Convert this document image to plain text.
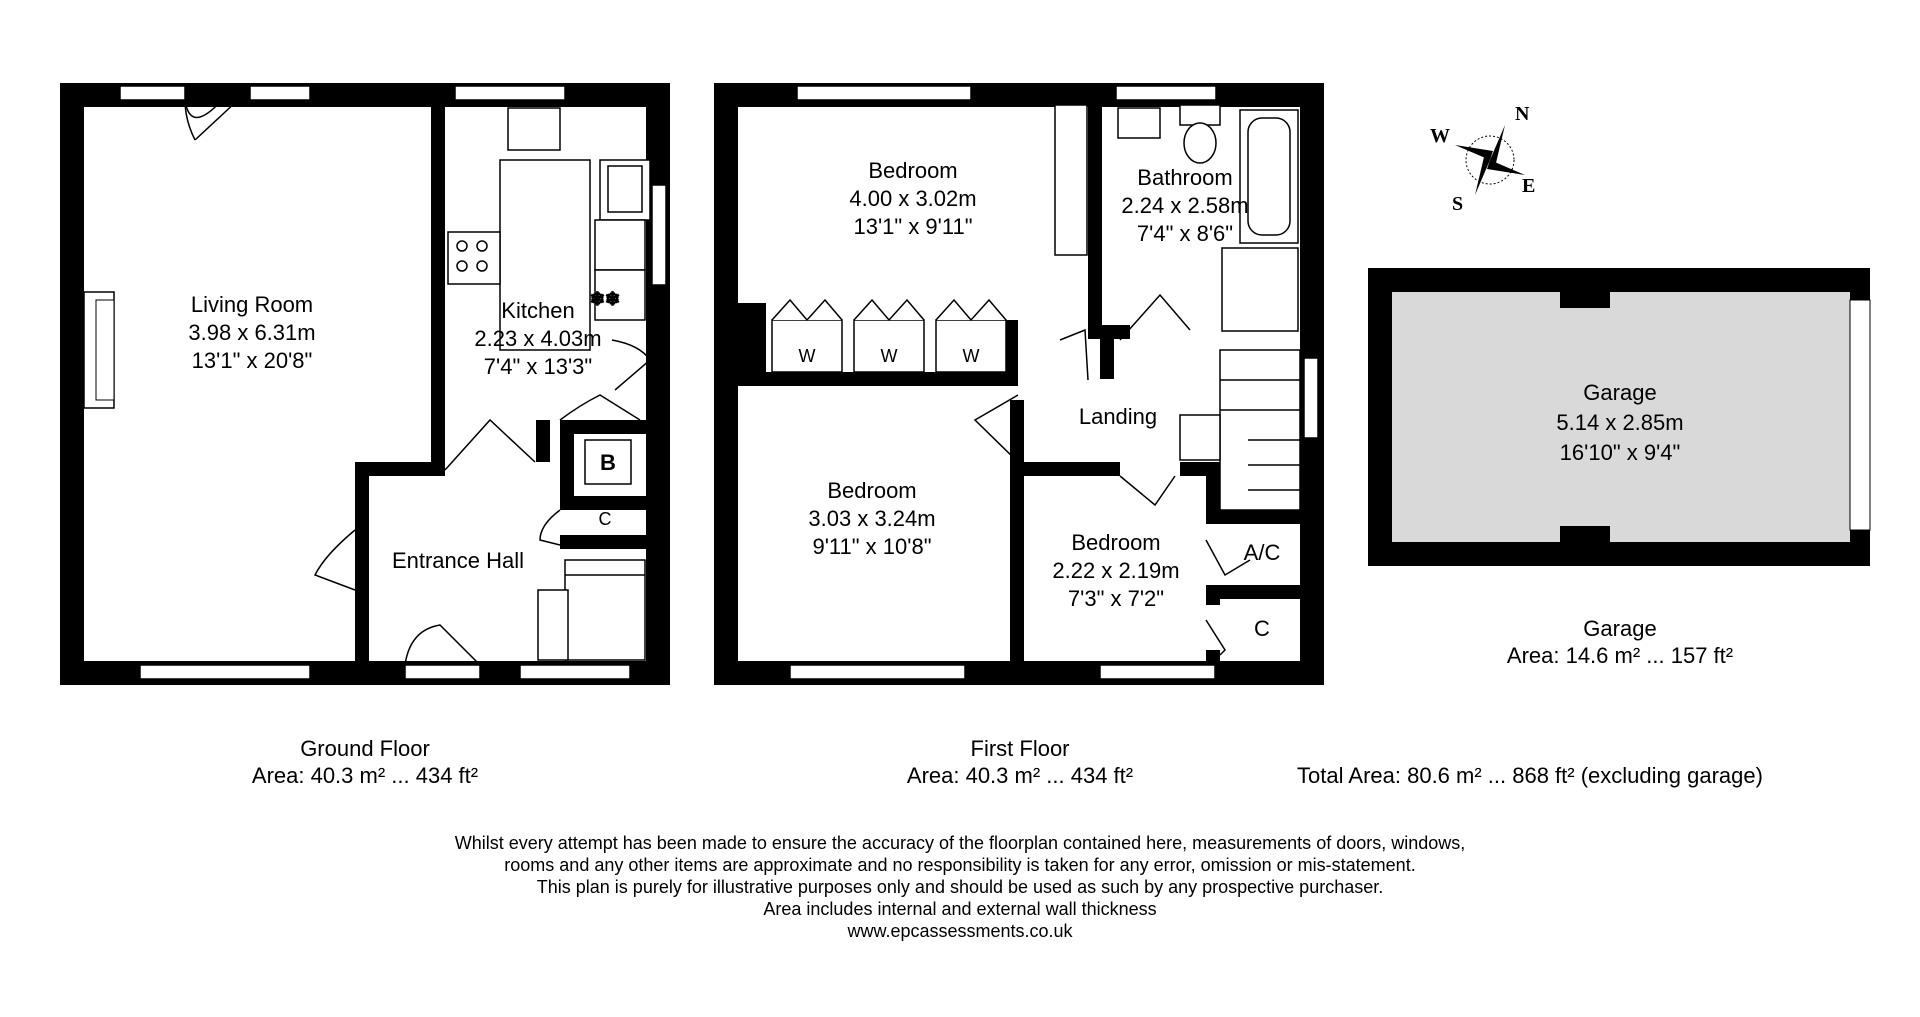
❄❄
Living Room
3.98 x 6.31m
13'1" x 20'8"
Kitchen
2.23 x 4.03m
7'4" x 13'3"
Entrance Hall
B
C
Bedroom
4.00 x 3.02m
13'1" x 9'11"
Bathroom
2.24 x 2.58m
7'4" x 8'6"
W	W	W
Landing
Bedroom
3.03 x 3.24m
9'11" x 10'8"	Bedroom
2.22 x 2.19m
7'3" x 7'2"
A/C
C
N
E
S
W
Garage
5.14 x 2.85m
16'10" x 9'4"
Ground Floor
Area: 40.3 m² ... 434 ft²
First Floor
Area: 40.3 m² ... 434 ft²
Garage
Area: 14.6 m² ... 157 ft²
Total Area: 80.6 m² ... 868 ft² (excluding garage)
Whilst every attempt has been made to ensure the accuracy of the floorplan contained here, measurements of doors, windows,
rooms and any other items are approximate and no responsibility is taken for any error, omission or mis-statement.
This plan is purely for illustrative purposes only and should be used as such by any prospective purchaser.
Area includes internal and external wall thickness
www.epcassessments.co.uk
